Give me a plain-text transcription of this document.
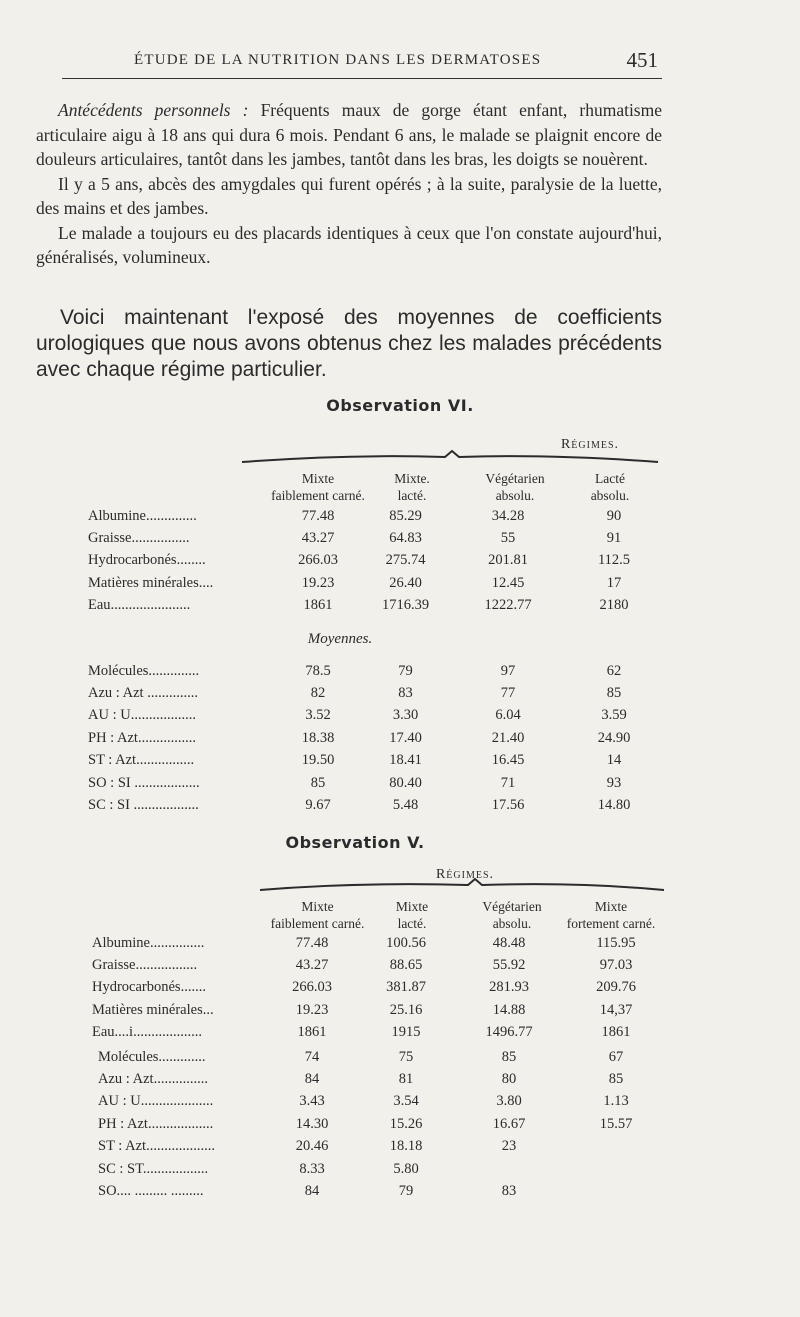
ÉTUDE DE LA NUTRITION DANS LES DERMATOSES	451

Antécédents personnels : Fréquents maux de gorge étant enfant, rhumatisme articulaire aigu à 18 ans qui dura 6 mois. Pendant 6 ans, le malade se plaignit encore de douleurs articulaires, tantôt dans les jambes, tantôt dans les bras, les doigts se nouèrent.

Il y a 5 ans, abcès des amygdales qui furent opérés ; à la suite, paralysie de la luette, des mains et des jambes.

Le malade a toujours eu des placards identiques à ceux que l'on constate aujourd'hui, généralisés, volumineux.

Voici maintenant l'exposé des moyennes de coefficients urologiques que nous avons obtenus chez les malades précédents avec chaque régime particulier.

Observation VI.
Régimes.
Mixte
faiblement carné.
Mixte.
lacté.
Végétarien
absolu.
Lacté
absolu.
Albumine..............	77.48	85.29	34.28	90
Graisse................	43.27	64.83	55	91
Hydrocarbonés........	266.03	275.74	201.81	112.5
Matières minérales....	19.23	26.40	12.45	17
Eau......................	1861	1716.39	1222.77	2180
Moyennes.
Molécules..............	78.5	79	97	62
Azu : Azt ..............	82	83	77	85
AU : U..................	3.52	3.30	6.04	3.59
PH : Azt................	18.38	17.40	21.40	24.90
ST : Azt................	19.50	18.41	16.45	14
SO : SI ..................	85	80.40	71	93
SC : SI ..................	9.67	5.48	17.56	14.80
Observation V.
Régimes.
Mixte
faiblement carné.
Mixte
lacté.
Végétarien
absolu.
Mixte
fortement carné.
Albumine...............	77.48	100.56	48.48	115.95
Graisse.................	43.27	88.65	55.92	97.03
Hydrocarbonés.......	266.03	381.87	281.93	209.76
Matières minérales...	19.23	25.16	14.88	14,37
Eau....i...................	1861	1915	1496.77	1861
Molécules.............	74	75	85	67
Azu : Azt...............	84	81	80	85
AU : U....................	3.43	3.54	3.80	1.13
PH : Azt..................	14.30	15.26	16.67	15.57
ST : Azt...................	20.46	18.18	23	
SC : ST..................	8.33	5.80		
SO.... ......... .........	84	79	83	
